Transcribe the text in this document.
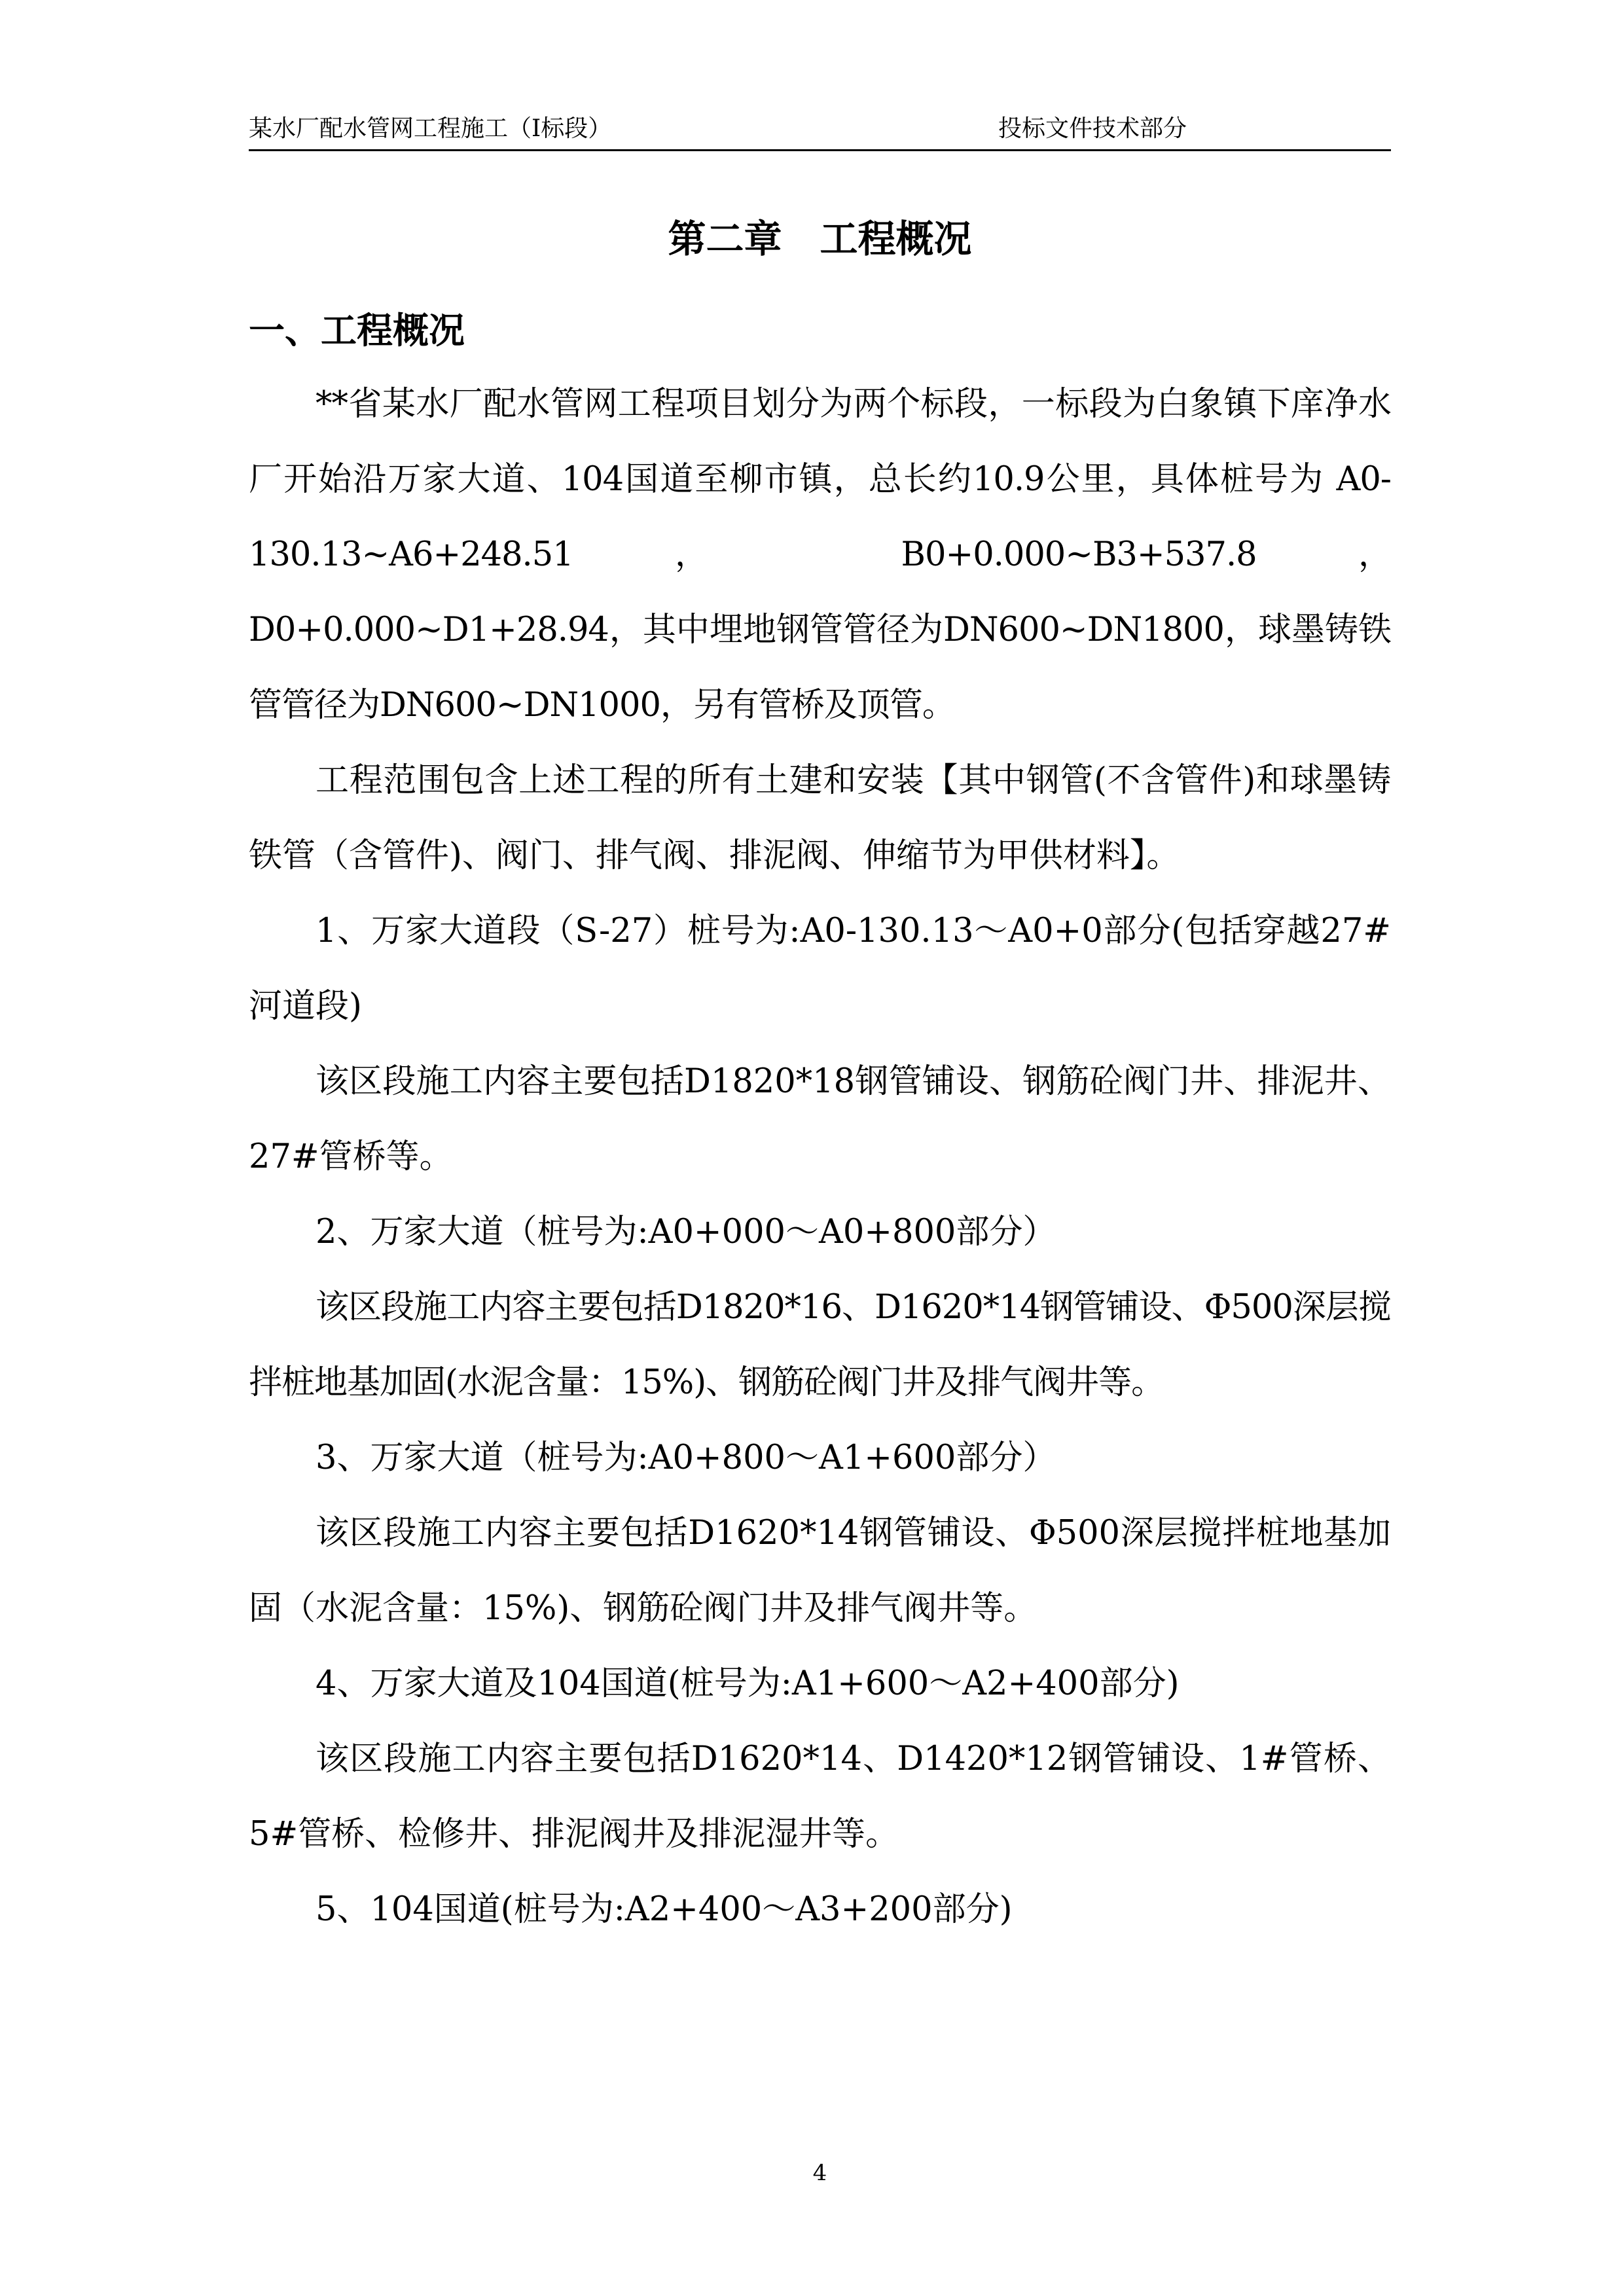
某水厂配水管网工程施工（Ⅰ标段）	投标文件技术部分
第二章　工程概况
一、工程概况

**省某水厂配水管网工程项目划分为两个标段，一标段为白象镇下庠净水厂开始沿万家大道、104国道至柳市镇，总长约10.9公里，具体桩号为 A0-130.13~A6+248.51 ， B0+0.000~B3+537.8 ，D0+0.000~D1+28.94，其中埋地钢管管径为DN600~DN1800，球墨铸铁管管径为DN600~DN1000，另有管桥及顶管。

工程范围包含上述工程的所有土建和安装【其中钢管(不含管件)和球墨铸铁管（含管件)、阀门、排气阀、排泥阀、伸缩节为甲供材料】。

1、万家大道段（S-27）桩号为:A0-130.13～A0+0部分(包括穿越27#河道段)

该区段施工内容主要包括D1820*18钢管铺设、钢筋砼阀门井、排泥井、27#管桥等。

2、万家大道（桩号为:A0+000～A0+800部分）

该区段施工内容主要包括D1820*16、D1620*14钢管铺设、Φ500深层搅拌桩地基加固(水泥含量：15%)、钢筋砼阀门井及排气阀井等。

3、万家大道（桩号为:A0+800～A1+600部分）

该区段施工内容主要包括D1620*14钢管铺设、Φ500深层搅拌桩地基加固（水泥含量：15%)、钢筋砼阀门井及排气阀井等。

4、万家大道及104国道(桩号为:A1+600～A2+400部分)

该区段施工内容主要包括D1620*14、D1420*12钢管铺设、1#管桥、5#管桥、检修井、排泥阀井及排泥湿井等。

5、104国道(桩号为:A2+400～A3+200部分)

4
